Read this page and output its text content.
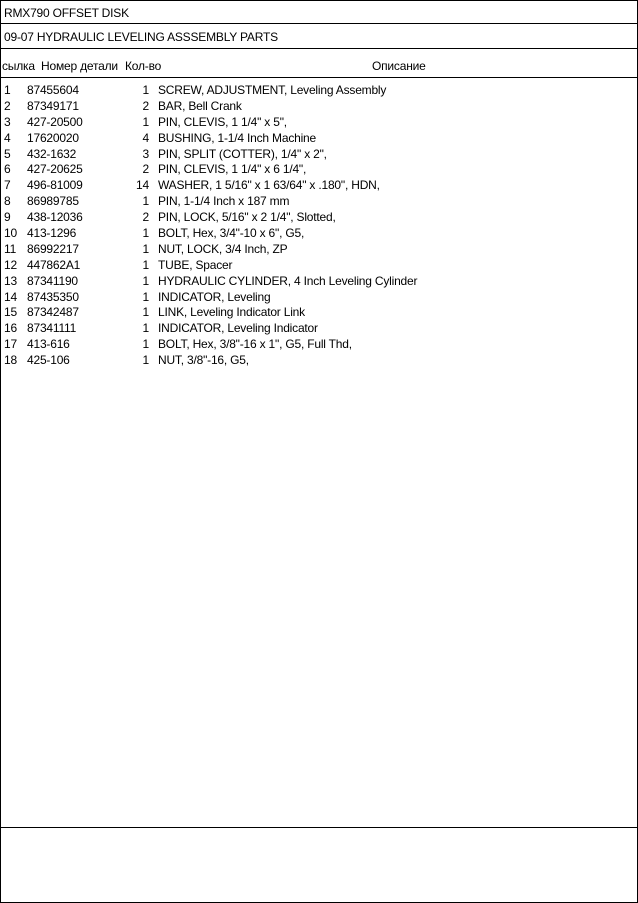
RMX790 OFFSET DISK
09-07 HYDRAULIC LEVELING ASSSEMBLY PARTS
сылка Номер детали Кол-во	Описание
1 87455604	1 SCREW, ADJUSTMENT, Leveling Assembly
2 87349171	2 BAR, Bell Crank
3 427-20500	1 PIN, CLEVIS, 1 1/4" x 5",
4 17620020	4 BUSHING, 1-1/4 Inch Machine
5 432-1632	3 PIN, SPLIT (COTTER), 1/4" x 2",
6 427-20625	2 PIN, CLEVIS, 1 1/4" x 6 1/4",
7 496-81009	14 WASHER, 1 5/16" x 1 63/64" x .180", HDN,
8 86989785	1 PIN, 1-1/4 Inch x 187 mm
9 438-12036	2 PIN, LOCK, 5/16" x 2 1/4", Slotted,
10 413-1296	1 BOLT, Hex, 3/4"-10 x 6", G5,
11 86992217	1 NUT, LOCK, 3/4 Inch, ZP
12 447862A1	1 TUBE, Spacer
13 87341190	1 HYDRAULIC CYLINDER, 4 Inch Leveling Cylinder
14 87435350	1 INDICATOR, Leveling
15 87342487	1 LINK, Leveling Indicator Link
16 87341111	1 INDICATOR, Leveling Indicator
17 413-616	1 BOLT, Hex, 3/8"-16 x 1", G5, Full Thd,
18 425-106	1 NUT, 3/8"-16, G5,
